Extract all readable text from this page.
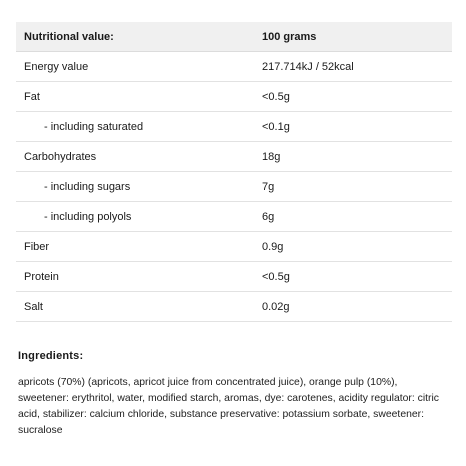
Nutritional value:	100 grams
Energy value	217.714kJ / 52kcal
Fat	<0.5g
- including saturated	<0.1g
Carbohydrates	18g
- including sugars	7g
- including polyols	6g
Fiber	0.9g
Protein	<0.5g
Salt	0.02g
Ingredients:
apricots (70%) (apricots, apricot juice from concentrated juice), orange pulp (10%), sweetener: erythritol, water, modified starch, aromas, dye: carotenes, acidity regulator: citric acid, stabilizer: calcium chloride, substance preservative: potassium sorbate, sweetener: sucralose
